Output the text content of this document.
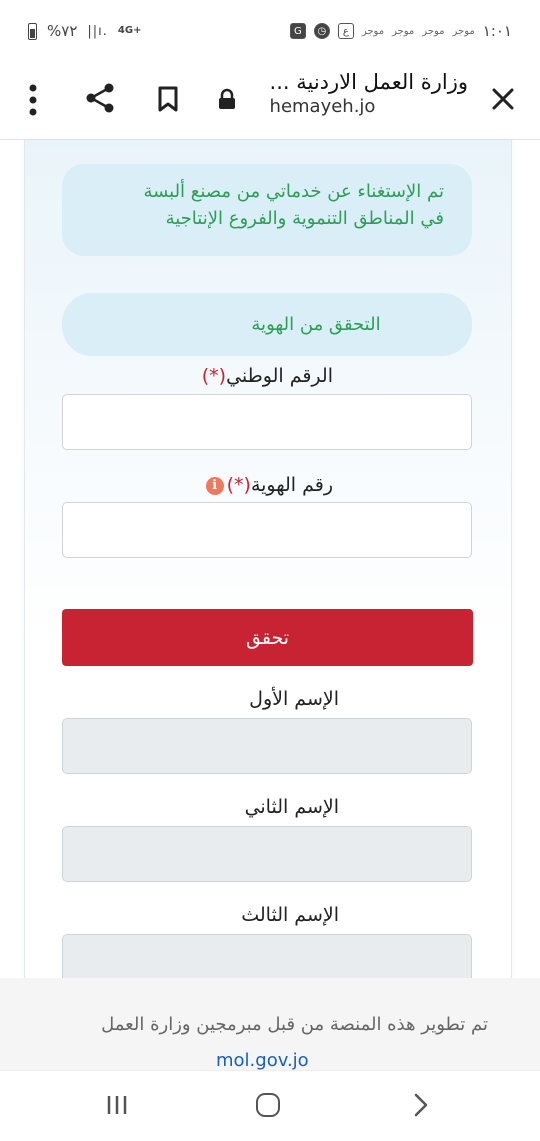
%٧٢ ||ı. 4G+	G	◷	ع	موجر موجر موجر موجر ١:٠١
وزارة العمل الاردنية ...
hemayeh.jo
تم الإستغناء عن خدماتي من مصنع ألبسة
في المناطق التنموية والفروع الإنتاجية
التحقق من الهوية
الرقم الوطني(*)
رقم الهوية(*)i
تحقق
الإسم الأول
الإسم الثاني
الإسم الثالث
تم تطوير هذه المنصة من قبل مبرمجين وزارة العمل
mol.gov.jo
